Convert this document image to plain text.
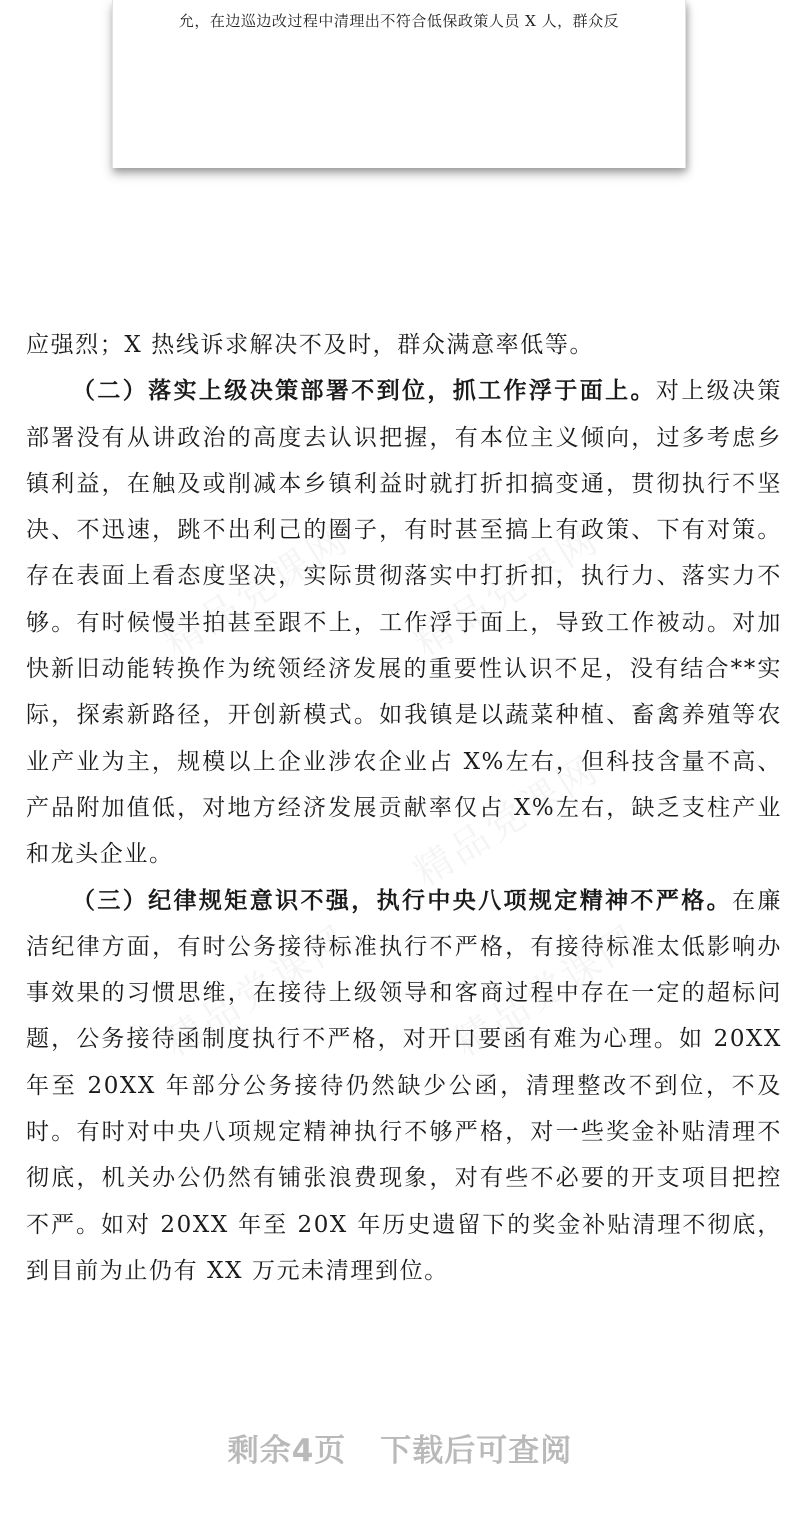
允，在边巡边改过程中清理出不符合低保政策人员 X 人，群众反
精品党课网 精品党课网
精品党课网
精品党课网 精品党课网

应强烈；X 热线诉求解决不及时，群众满意率低等。

（二）落实上级决策部署不到位，抓工作浮于面上。对上级决策部署没有从讲政治的高度去认识把握，有本位主义倾向，过多考虑乡镇利益，在触及或削减本乡镇利益时就打折扣搞变通，贯彻执行不坚决、不迅速，跳不出利己的圈子，有时甚至搞上有政策、下有对策。存在表面上看态度坚决，实际贯彻落实中打折扣，执行力、落实力不够。有时候慢半拍甚至跟不上，工作浮于面上，导致工作被动。对加快新旧动能转换作为统领经济发展的重要性认识不足，没有结合**实际，探索新路径，开创新模式。如我镇是以蔬菜种植、畜禽养殖等农业产业为主，规模以上企业涉农企业占 X%左右，但科技含量不高、产品附加值低，对地方经济发展贡献率仅占 X%左右，缺乏支柱产业和龙头企业。

（三）纪律规矩意识不强，执行中央八项规定精神不严格。在廉洁纪律方面，有时公务接待标准执行不严格，有接待标准太低影响办事效果的习惯思维，在接待上级领导和客商过程中存在一定的超标问题，公务接待函制度执行不严格，对开口要函有难为心理。如 20XX 年至 20XX 年部分公务接待仍然缺少公函，清理整改不到位，不及时。有时对中央八项规定精神执行不够严格，对一些奖金补贴清理不彻底，机关办公仍然有铺张浪费现象，对有些不必要的开支项目把控不严。如对 20XX 年至 20X 年历史遗留下的奖金补贴清理不彻底，到目前为止仍有 XX 万元未清理到位。

剩余4页 下载后可查阅
